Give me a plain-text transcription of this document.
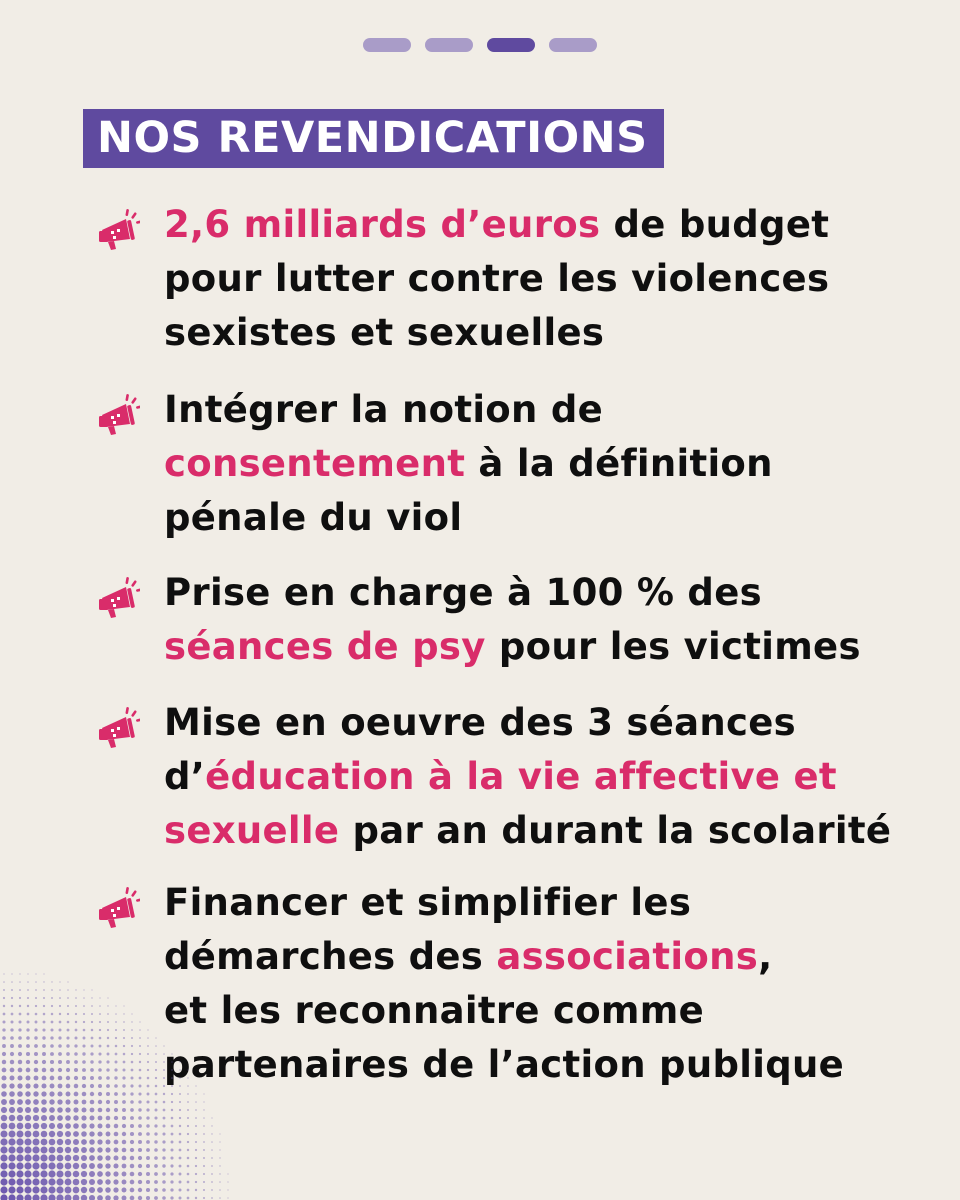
NOS REVENDICATIONS
2,6 milliards d’euros de budget
pour lutter contre les violences
sexistes et sexuelles
Intégrer la notion de
consentement à la définition
pénale du viol
Prise en charge à 100 % des
séances de psy pour les victimes
Mise en oeuvre des 3 séances
d’éducation à la vie affective et
sexuelle par an durant la scolarité
Financer et simplifier les
démarches des associations,
et les reconnaitre comme
partenaires de l’action publique
